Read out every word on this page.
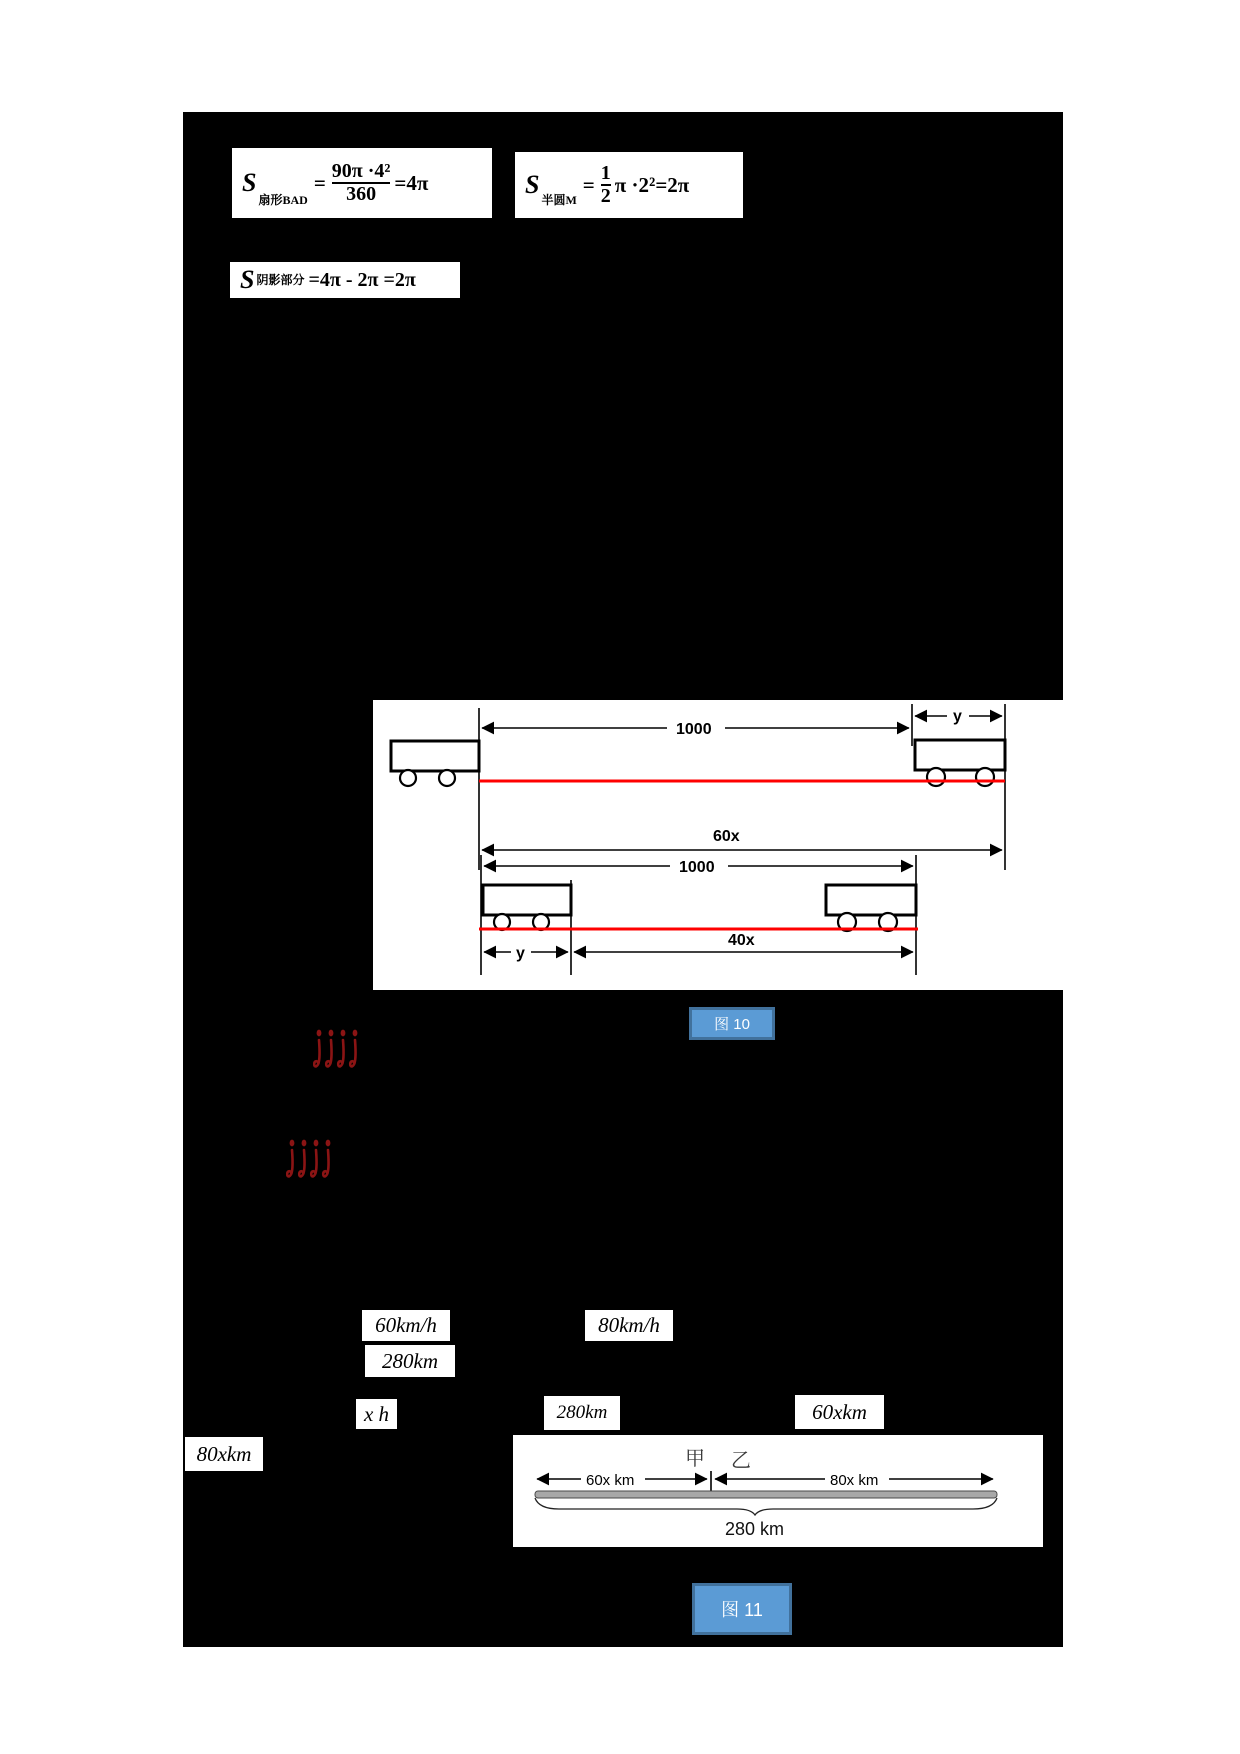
S
扇形BAD
= $\frac{\text{90π ·4²}}{360} =4\pi$	S
半圆M
= $\frac{1}{2}$ π ·2² =2π
S 阴影部分 =4π - 2π =2π
y
1000
60x
1000
y
40x
图 10
60km/h	80km/h
280km
x h	280km	60xkm
80xkm	甲 乙
60x km	80x km
280 km
图 11
